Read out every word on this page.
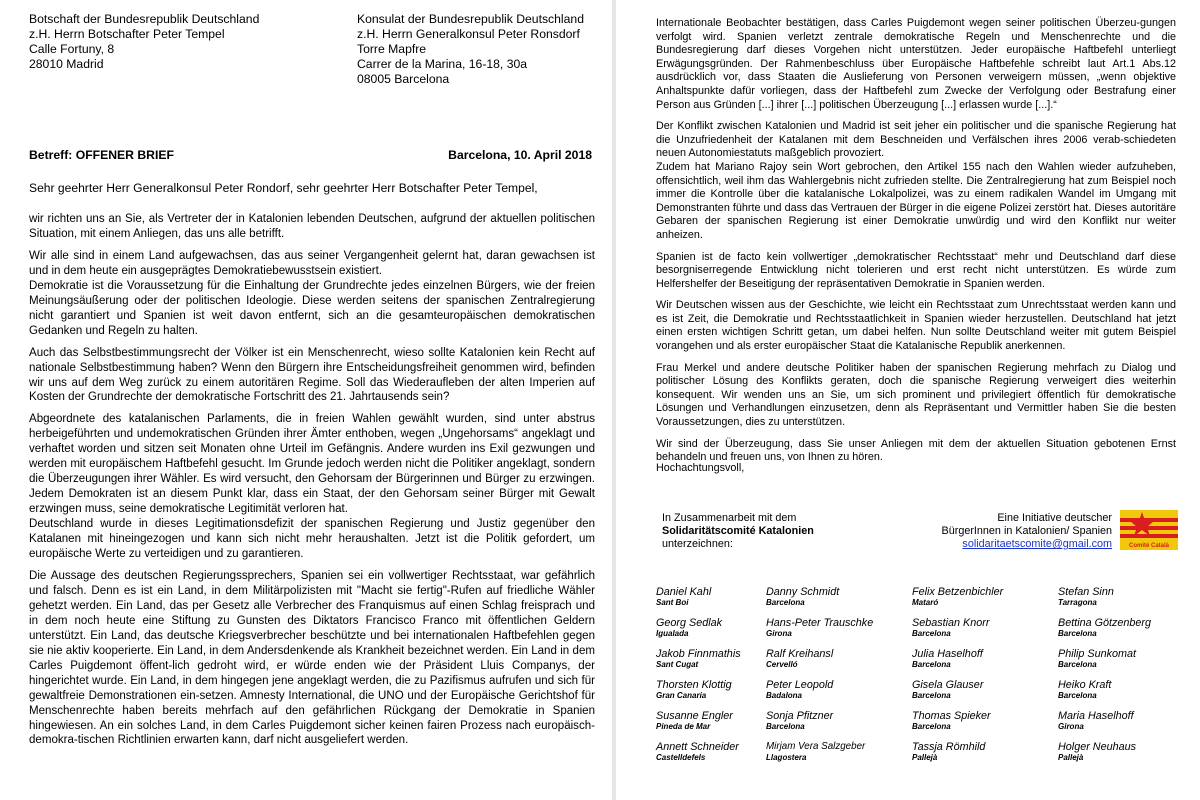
Botschaft der Bundesrepublik Deutschland
z.H. Herrn Botschafter Peter Tempel
Calle Fortuny, 8
28010 Madrid
Konsulat der Bundesrepublik Deutschland
z.H. Herrn Generalkonsul Peter Ronsdorf
Torre Mapfre
Carrer de la Marina, 16-18, 30a
08005 Barcelona
Betreff: OFFENER BRIEF	Barcelona, 10. April 2018
Sehr geehrter Herr Generalkonsul Peter Rondorf, sehr geehrter Herr Botschafter Peter Tempel,

wir richten uns an Sie, als Vertreter der in Katalonien lebenden Deutschen, aufgrund der aktuellen politischen Situation, mit einem Anliegen, das uns alle betrifft.

Wir alle sind in einem Land aufgewachsen, das aus seiner Vergangenheit gelernt hat, daran gewachsen ist und in dem heute ein ausgeprägtes Demokratiebewusstsein existiert.
Demokratie ist die Voraussetzung für die Einhaltung der Grundrechte jedes einzelnen Bürgers, wie der freien Meinungsäußerung oder der politischen Ideologie. Diese werden seitens der spanischen Zentralregierung nicht garantiert und Spanien ist weit davon entfernt, sich an die gesamteuropäischen demokratischen Gedanken und Regeln zu halten.

Auch das Selbstbestimmungsrecht der Völker ist ein Menschenrecht, wieso sollte Katalonien kein Recht auf nationale Selbstbestimmung haben? Wenn den Bürgern ihre Entscheidungsfreiheit genommen wird, befinden wir uns auf dem Weg zurück zu einem autoritären Regime. Soll das Wiederaufleben der alten Imperien auf Kosten der Grundrechte der demokratische Fortschritt des 21. Jahrtausends sein?

Abgeordnete des katalanischen Parlaments, die in freien Wahlen gewählt wurden, sind unter abstrus herbeigeführten und undemokratischen Gründen ihrer Ämter enthoben, wegen „Ungehorsams“ angeklagt und verhaftet worden und sitzen seit Monaten ohne Urteil im Gefängnis. Andere wurden ins Exil gezwungen und werden mit europäischem Haftbefehl gesucht. Im Grunde jedoch werden nicht die Politiker angeklagt, sondern die Überzeugungen ihrer Wähler. Es wird versucht, den Gehorsam der Bürgerinnen und Bürger zu erzwingen. Jedem Demokraten ist an diesem Punkt klar, dass ein Staat, der den Gehorsam seiner Bürger mit Gewalt erzwingen muss, seine demokratische Legitimität verloren hat.
Deutschland wurde in dieses Legitimationsdefizit der spanischen Regierung und Justiz gegenüber den Katalanen mit hineingezogen und kann sich nicht mehr heraushalten. Jetzt ist die Politik gefordert, um europäische Werte zu verteidigen und zu garantieren.

Die Aussage des deutschen Regierungssprechers, Spanien sei ein vollwertiger Rechtsstaat, war gefährlich und falsch. Denn es ist ein Land, in dem Militärpolizisten mit "Macht sie fertig"-Rufen auf friedliche Wähler gehetzt werden. Ein Land, das per Gesetz alle Verbrecher des Franquismus auf einen Schlag freisprach und in dem noch heute eine Stiftung zu Gunsten des Diktators Francisco Franco mit öffentlichen Geldern unterstützt. Ein Land, das deutsche Kriegsverbrecher beschützte und bei internationalen Haftbefehlen gegen sie nie aktiv kooperierte. Ein Land, in dem Andersdenkende als Krankheit bezeichnet werden. Ein Land in dem Carles Puigdemont öffent-lich gedroht wird, er würde enden wie der Präsident Lluis Companys, der hingerichtet wurde. Ein Land, in dem hingegen jene angeklagt werden, die zu Pazifismus aufrufen und sich für gewaltfreie Demonstrationen ein-setzen. Amnesty International, die UNO und der Europäische Gerichtshof für Menschenrechte haben bereits mehrfach auf den gefährlichen Rückgang der Demokratie in Spanien hingewiesen. An ein solches Land, in dem Carles Puigdemont sicher keinen fairen Prozess nach europäisch-demokra-tischen Richtlinien erwarten kann, darf nicht ausgeliefert werden.

Internationale Beobachter bestätigen, dass Carles Puigdemont wegen seiner politischen Überzeu-gungen verfolgt wird. Spanien verletzt zentrale demokratische Regeln und Menschenrechte und die Bundesregierung darf dieses Vorgehen nicht unterstützen. Jeder europäische Haftbefehl unterliegt Erwägungsgründen. Der Rahmenbeschluss über Europäische Haftbefehle schreibt laut Art.1 Abs.12 ausdrücklich vor, dass Staaten die Auslieferung von Personen verweigern müssen, „wenn objektive Anhaltspunkte dafür vorliegen, dass der Haftbefehl zum Zwecke der Verfolgung oder Bestrafung einer Person aus Gründen [...] ihrer [...] politischen Überzeugung [...] erlassen wurde [...].“

Der Konflikt zwischen Katalonien und Madrid ist seit jeher ein politischer und die spanische Regierung hat die Unzufriedenheit der Katalanen mit dem Beschneiden und Verfälschen ihres 2006 verab-schiedeten neuen Autonomiestatuts maßgeblich provoziert.
Zudem hat Mariano Rajoy sein Wort gebrochen, den Artikel 155 nach den Wahlen wieder aufzuheben, offensichtlich, weil ihm das Wahlergebnis nicht zufrieden stellte. Die Zentralregierung hat zum Beispiel noch immer die Kontrolle über die katalanische Lokalpolizei, was zu einem radikalen Wandel im Umgang mit Demonstranten führte und dass das Vertrauen der Bürger in die eigene Polizei zerstört hat. Dieses autoritäre Gebaren der spanischen Regierung ist einer Demokratie unwürdig und wird den Konflikt nur weiter anheizen.

Spanien ist de facto kein vollwertiger „demokratischer Rechtsstaat“ mehr und Deutschland darf diese besorgniserregende Entwicklung nicht tolerieren und erst recht nicht unterstützen. Es würde zum Helfershelfer der Beseitigung der repräsentativen Demokratie in Spanien werden.

Wir Deutschen wissen aus der Geschichte, wie leicht ein Rechtsstaat zum Unrechtsstaat werden kann und es ist Zeit, die Demokratie und Rechtsstaatlichkeit in Spanien wieder herzustellen. Deutschland hat jetzt einen ersten wichtigen Schritt getan, um dabei helfen. Nun sollte Deutschland weiter mit gutem Beispiel vorangehen und als erster europäischer Staat die Katalanische Republik anerkennen.

Frau Merkel und andere deutsche Politiker haben der spanischen Regierung mehrfach zu Dialog und politischer Lösung des Konflikts geraten, doch die spanische Regierung verweigert dies weiterhin konsequent. Wir wenden uns an Sie, um sich prominent und privilegiert öffentlich für demokratische Lösungen und Verhandlungen einzusetzen, denn als Repräsentant und Vermittler haben Sie die besten Voraussetzungen, dies zu unterstützen.

Wir sind der Überzeugung, dass Sie unser Anliegen mit dem der aktuellen Situation gebotenen Ernst behandeln und freuen uns, von Ihnen zu hören.

Hochachtungsvoll,
In Zusammenarbeit mit dem
Solidaritätscomité Katalonien
unterzeichnen:
Eine Initiative deutscher
BürgerInnen in Katalonien/ Spanien
solidaritaetscomite@gmail.com	Comité Català
Daniel Kahl
Sant Boi
Danny Schmidt
Barcelona
Felix Betzenbichler
Mataró
Stefan Sinn
Tarragona
Georg Sedlak
Igualada
Hans-Peter Trauschke
Girona
Sebastian Knorr
Barcelona
Bettina Götzenberg
Barcelona
Jakob Finnmathis
Sant Cugat
Ralf Kreihansl
Cervelló
Julia Haselhoff
Barcelona
Philip Sunkomat
Barcelona
Thorsten Klottig
Gran Canaria
Peter Leopold
Badalona
Gisela Glauser
Barcelona
Heiko Kraft
Barcelona
Susanne Engler
Pineda de Mar
Sonja Pfitzner
Barcelona
Thomas Spieker
Barcelona
Maria Haselhoff
Girona
Annett Schneider
Castelldefels
Mirjam Vera Salzgeber
Llagostera
Tassja Römhild
Pallejà
Holger Neuhaus
Pallejà
